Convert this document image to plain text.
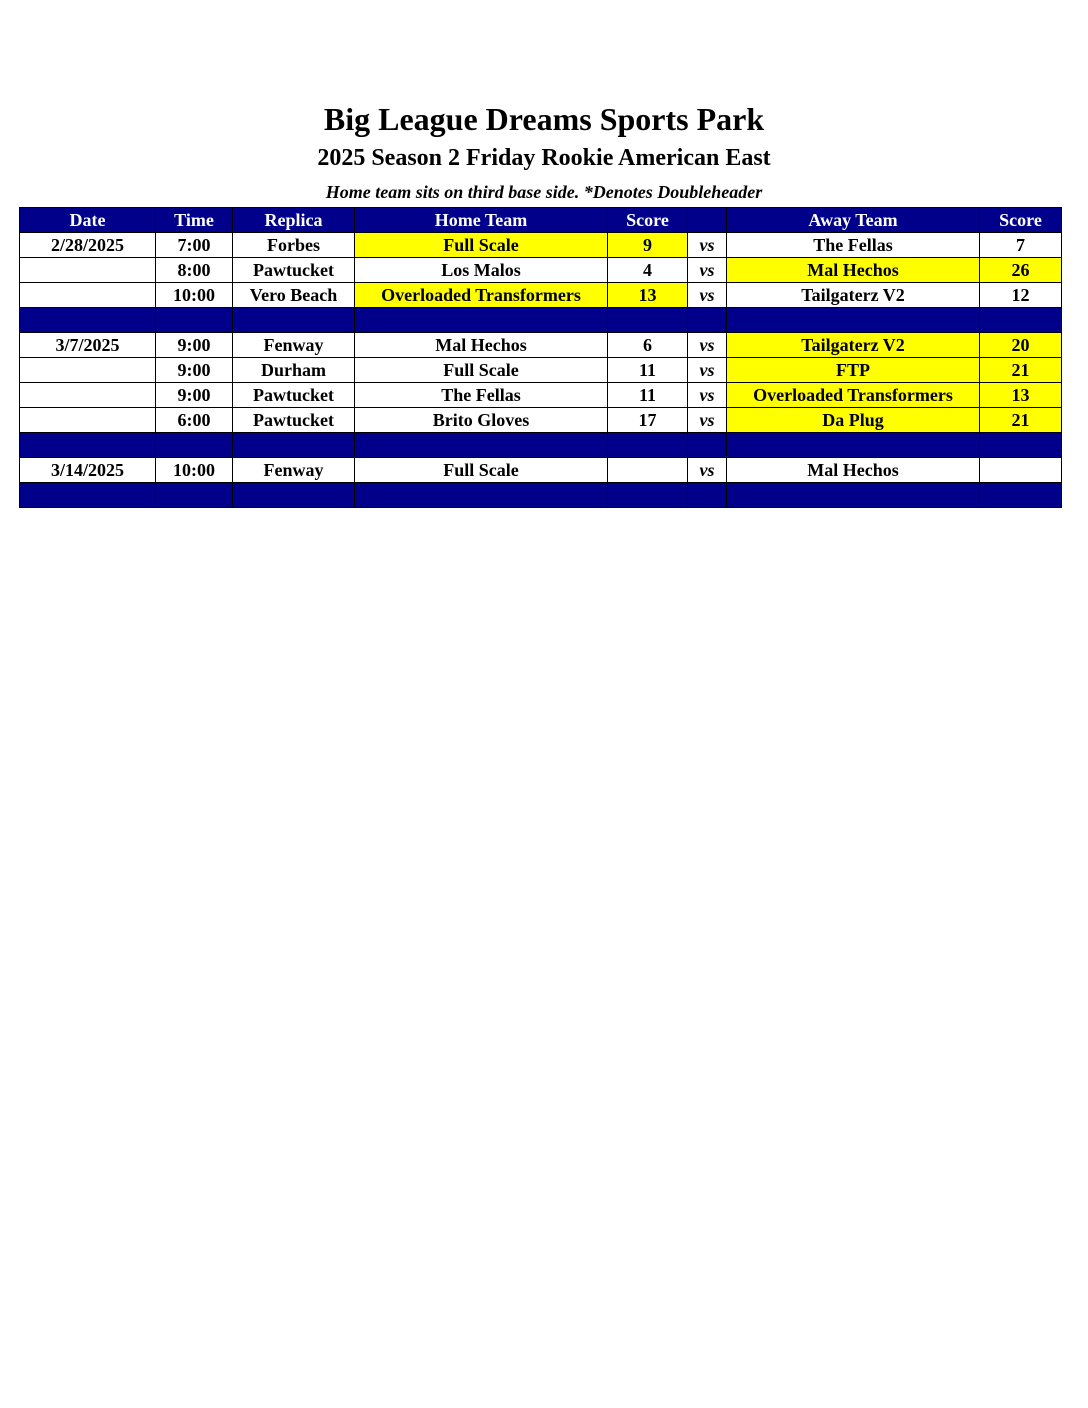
Big League Dreams Sports Park
2025 Season 2 Friday Rookie American East
Home team sits on third base side. *Denotes Doubleheader
Date	Time	Replica	Home Team	Score		Away Team	Score
2/28/2025	7:00	Forbes	Full Scale	9	vs	The Fellas	7
	8:00	Pawtucket	Los Malos	4	vs	Mal Hechos	26
	10:00	Vero Beach	Overloaded Transformers	13	vs	Tailgaterz V2	12

3/7/2025	9:00	Fenway	Mal Hechos	6	vs	Tailgaterz V2	20
	9:00	Durham	Full Scale	11	vs	FTP	21
	9:00	Pawtucket	The Fellas	11	vs	Overloaded Transformers	13
	6:00	Pawtucket	Brito Gloves	17	vs	Da Plug	21

3/14/2025	10:00	Fenway	Full Scale		vs	Mal Hechos	
